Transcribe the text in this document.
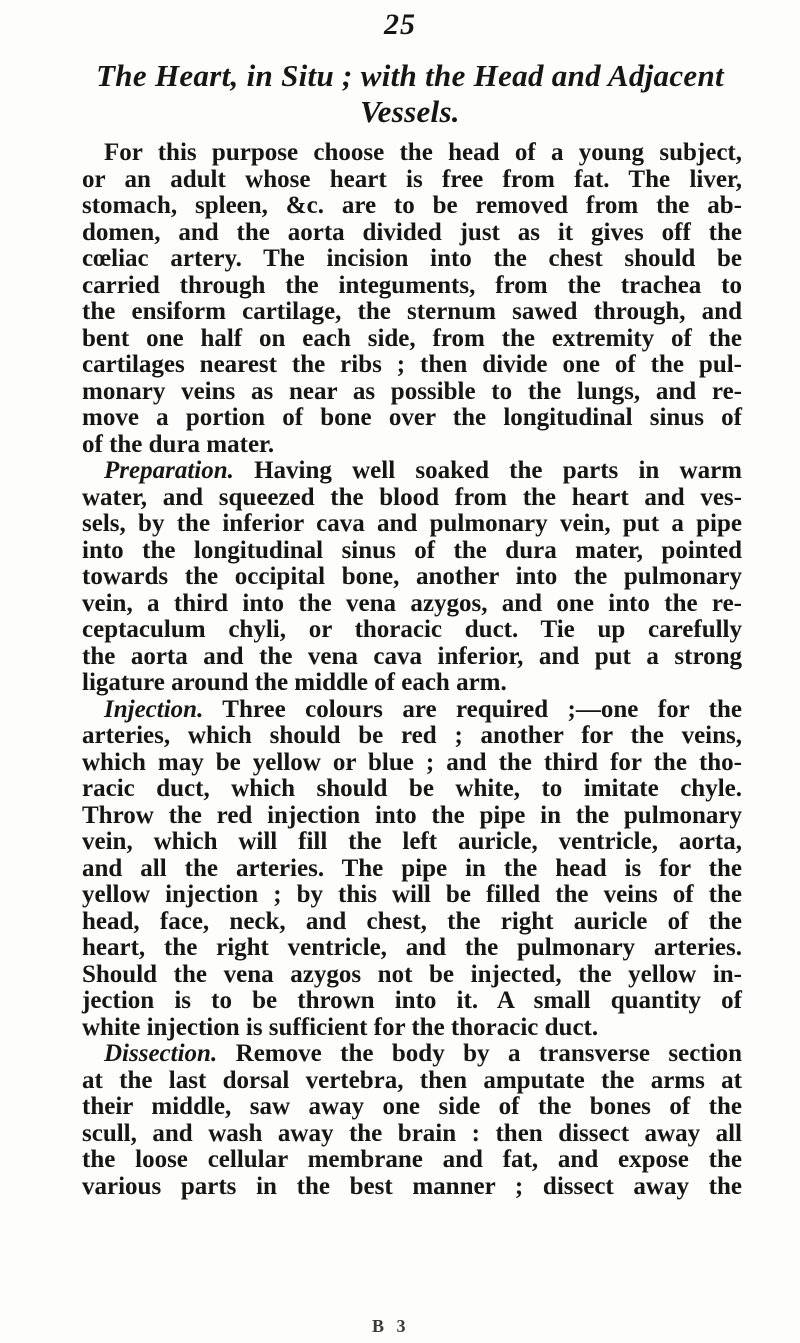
25
The Heart, in Situ ; with the Head and Adjacent
Vessels.
For this purpose choose the head of a young subject,
or an adult whose heart is free from fat. The liver,
stomach, spleen, &c. are to be removed from the ab-
domen, and the aorta divided just as it gives off the
cœliac artery. The incision into the chest should be
carried through the integuments, from the trachea to
the ensiform cartilage, the sternum sawed through, and
bent one half on each side, from the extremity of the
cartilages nearest the ribs ; then divide one of the pul-
monary veins as near as possible to the lungs, and re-
move a portion of bone over the longitudinal sinus of
of the dura mater.
Preparation. Having well soaked the parts in warm
water, and squeezed the blood from the heart and ves-
sels, by the inferior cava and pulmonary vein, put a pipe
into the longitudinal sinus of the dura mater, pointed
towards the occipital bone, another into the pulmonary
vein, a third into the vena azygos, and one into the re-
ceptaculum chyli, or thoracic duct. Tie up carefully
the aorta and the vena cava inferior, and put a strong
ligature around the middle of each arm.
Injection. Three colours are required ;—one for the
arteries, which should be red ; another for the veins,
which may be yellow or blue ; and the third for the tho-
racic duct, which should be white, to imitate chyle.
Throw the red injection into the pipe in the pulmonary
vein, which will fill the left auricle, ventricle, aorta,
and all the arteries. The pipe in the head is for the
yellow injection ; by this will be filled the veins of the
head, face, neck, and chest, the right auricle of the
heart, the right ventricle, and the pulmonary arteries.
Should the vena azygos not be injected, the yellow in-
jection is to be thrown into it. A small quantity of
white injection is sufficient for the thoracic duct.
Dissection. Remove the body by a transverse section
at the last dorsal vertebra, then amputate the arms at
their middle, saw away one side of the bones of the
scull, and wash away the brain : then dissect away all
the loose cellular membrane and fat, and expose the
various parts in the best manner ; dissect away the
B 3
